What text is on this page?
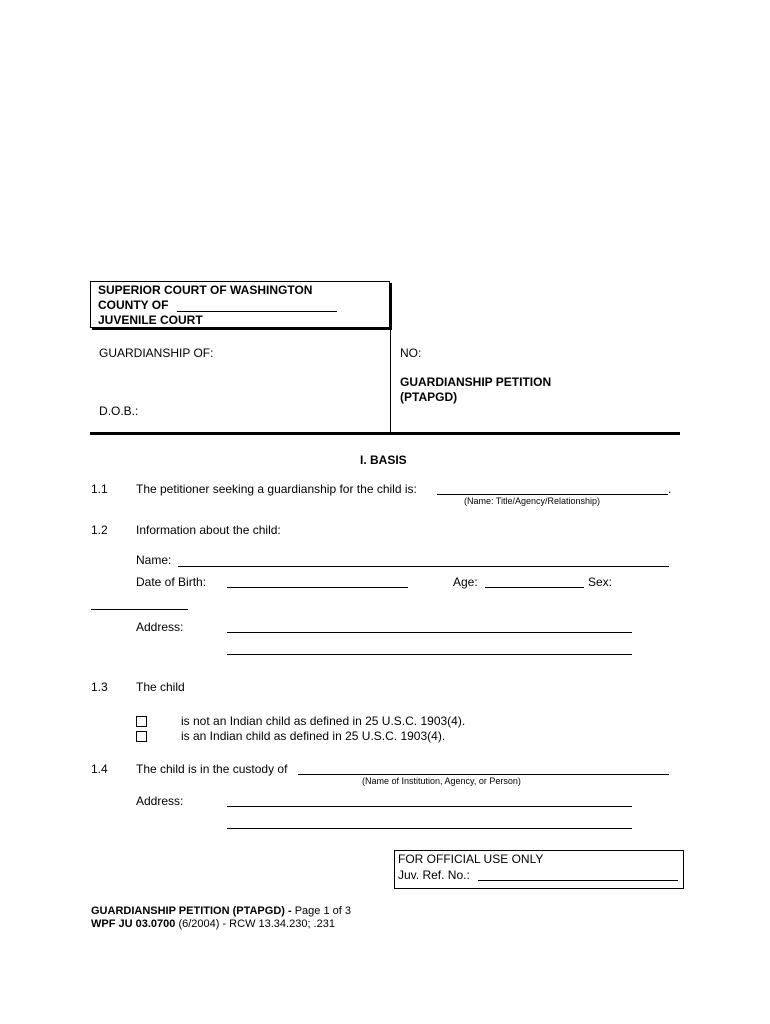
SUPERIOR COURT OF WASHINGTON
COUNTY OF
JUVENILE COURT
GUARDIANSHIP OF:
D.O.B.:
NO:
GUARDIANSHIP PETITION
(PTAPGD)
I. BASIS
1.1 The petitioner seeking a guardianship for the child is:	.
(Name: Title/Agency/Relationship)
1.2 Information about the child:
Name:
Date of Birth:	Age:	Sex:
Address:
1.3 The child
is not an Indian child as defined in 25 U.S.C. 1903(4).
is an Indian child as defined in 25 U.S.C. 1903(4).
1.4 The child is in the custody of
(Name of Institution, Agency, or Person)
Address:
FOR OFFICIAL USE ONLY
Juv. Ref. No.:
GUARDIANSHIP PETITION (PTAPGD) - Page 1 of 3
WPF JU 03.0700 (6/2004) - RCW 13.34.230; .231
